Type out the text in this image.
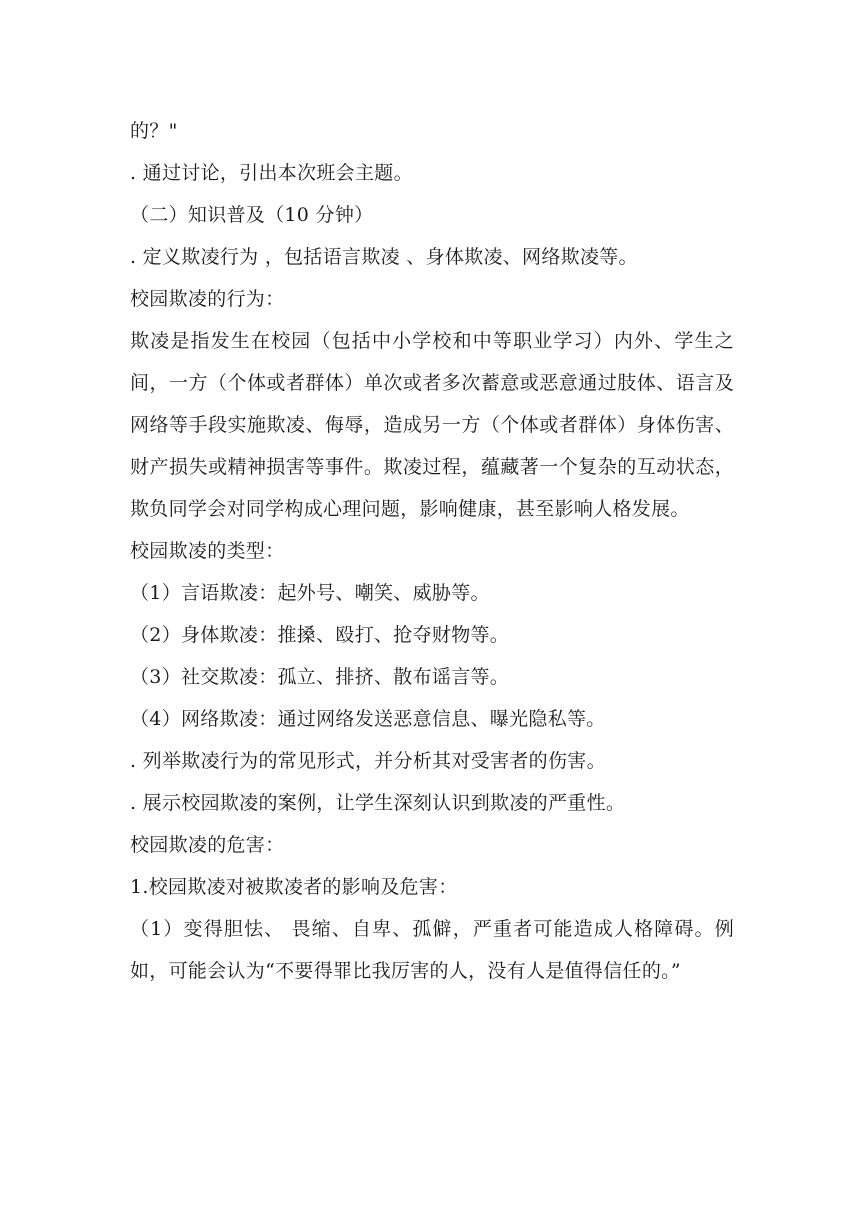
的？"

. 通过讨论，引出本次班会主题。

（二）知识普及（10 分钟）

. 定义欺凌行为 ，包括语言欺凌 、身体欺凌、网络欺凌等。

校园欺凌的行为：

欺凌是指发生在校园（包括中小学校和中等职业学习）内外、学生之间，一方（个体或者群体）单次或者多次蓄意或恶意通过肢体、语言及网络等手段实施欺凌、侮辱，造成另一方（个体或者群体）身体伤害、财产损失或精神损害等事件。欺凌过程，蕴藏著一个复杂的互动状态，欺负同学会对同学构成心理问题，影响健康，甚至影响人格发展。

校园欺凌的类型：

（1）言语欺凌：起外号、嘲笑、威胁等。

（2）身体欺凌：推搡、殴打、抢夺财物等。

（3）社交欺凌：孤立、排挤、散布谣言等。

（4）网络欺凌：通过网络发送恶意信息、曝光隐私等。

. 列举欺凌行为的常见形式，并分析其对受害者的伤害。

. 展示校园欺凌的案例，让学生深刻认识到欺凌的严重性。

校园欺凌的危害：

1.校园欺凌对被欺凌者的影响及危害：

（1）变得胆怯、 畏缩、自卑、孤僻，严重者可能造成人格障碍。例如，可能会认为“不要得罪比我厉害的人，没有人是值得信任的。”
